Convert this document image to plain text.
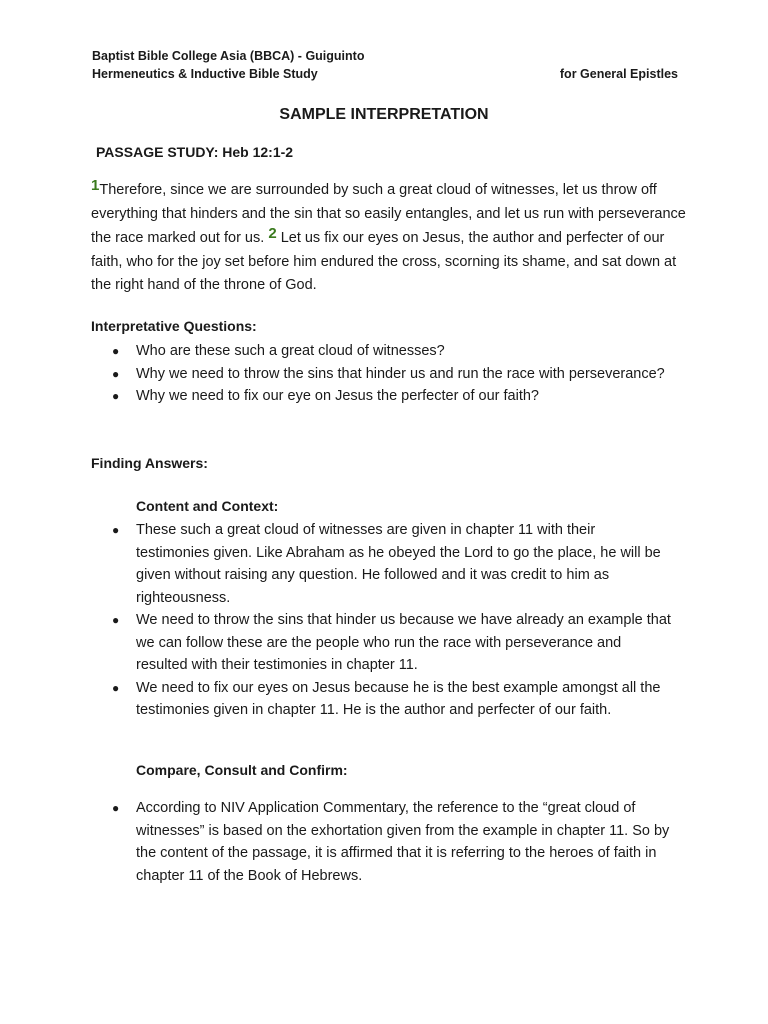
Baptist Bible College Asia (BBCA) - Guiguinto
Hermeneutics & Inductive Bible Study	for General Epistles
SAMPLE INTERPRETATION
PASSAGE STUDY: Heb 12:1-2
1Therefore, since we are surrounded by such a great cloud of witnesses, let us throw off everything that hinders and the sin that so easily entangles, and let us run with perseverance the race marked out for us. 2 Let us fix our eyes on Jesus, the author and perfecter of our faith, who for the joy set before him endured the cross, scorning its shame, and sat down at the right hand of the throne of God.
Interpretative Questions:
● Who are these such a great cloud of witnesses?
● Why we need to throw the sins that hinder us and run the race with perseverance?
● Why we need to fix our eye on Jesus the perfecter of our faith?
Finding Answers:
Content and Context:
● These such a great cloud of witnesses are given in chapter 11 with their testimonies given. Like Abraham as he obeyed the Lord to go the place, he will be given without raising any question. He followed and it was credit to him as righteousness.
● We need to throw the sins that hinder us because we have already an example that we can follow these are the people who run the race with perseverance and resulted with their testimonies in chapter 11.
● We need to fix our eyes on Jesus because he is the best example amongst all the testimonies given in chapter 11. He is the author and perfecter of our faith.
Compare, Consult and Confirm:
● According to NIV Application Commentary, the reference to the “great cloud of witnesses” is based on the exhortation given from the example in chapter 11. So by the content of the passage, it is affirmed that it is referring to the heroes of faith in chapter 11 of the Book of Hebrews.
